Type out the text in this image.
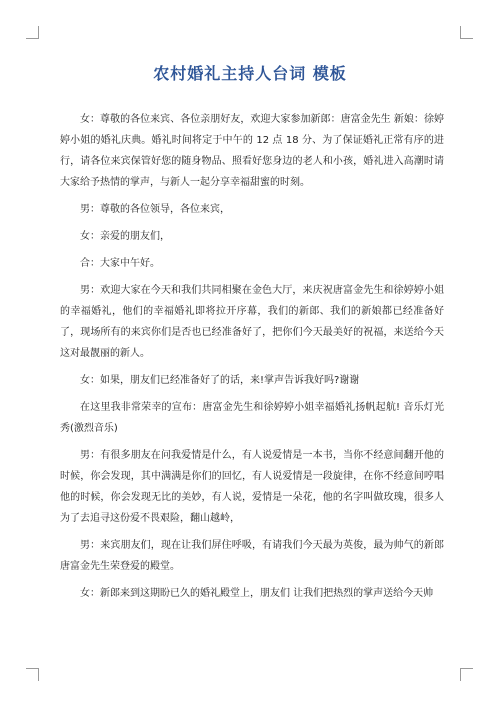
农村婚礼主持人台词 模板

女：尊敬的各位来宾、各位亲朋好友，欢迎大家参加新郎：唐富金先生 新娘：徐婷婷小姐的婚礼庆典。婚礼时间将定于中午的 12 点 18 分、为了保证婚礼正常有序的进行，请各位来宾保管好您的随身物品、照看好您身边的老人和小孩，婚礼进入高潮时请大家给予热情的掌声，与新人一起分享幸福甜蜜的时刻。

男：尊敬的各位领导，各位来宾，

女：亲爱的朋友们，

合：大家中午好。

男：欢迎大家在今天和我们共同相聚在金色大厅，来庆祝唐富金先生和徐婷婷小姐的幸福婚礼，他们的幸福婚礼即将拉开序幕，我们的新郎、我们的新娘都已经准备好了，现场所有的来宾你们是否也已经准备好了，把你们今天最美好的祝福，来送给今天这对最靓丽的新人。

女：如果，朋友们已经准备好了的话，来!掌声告诉我好吗?谢谢

在这里我非常荣幸的宣布：唐富金先生和徐婷婷小姐幸福婚礼扬帆起航! 音乐灯光秀(激烈音乐)

男：有很多朋友在问我爱情是什么，有人说爱情是一本书，当你不经意间翻开他的时候，你会发现，其中满满是你们的回忆，有人说爱情是一段旋律，在你不经意间哼唱他的时候，你会发现无比的美妙，有人说，爱情是一朵花，他的名字叫做玫瑰，很多人为了去追寻这份爱不畏艰险，翻山越岭，

男：来宾朋友们，现在让我们屏住呼吸，有请我们今天最为英俊，最为帅气的新郎唐富金先生荣登爱的殿堂。

女：新郎来到这期盼已久的婚礼殿堂上，朋友们 让我们把热烈的掌声送给今天帅
